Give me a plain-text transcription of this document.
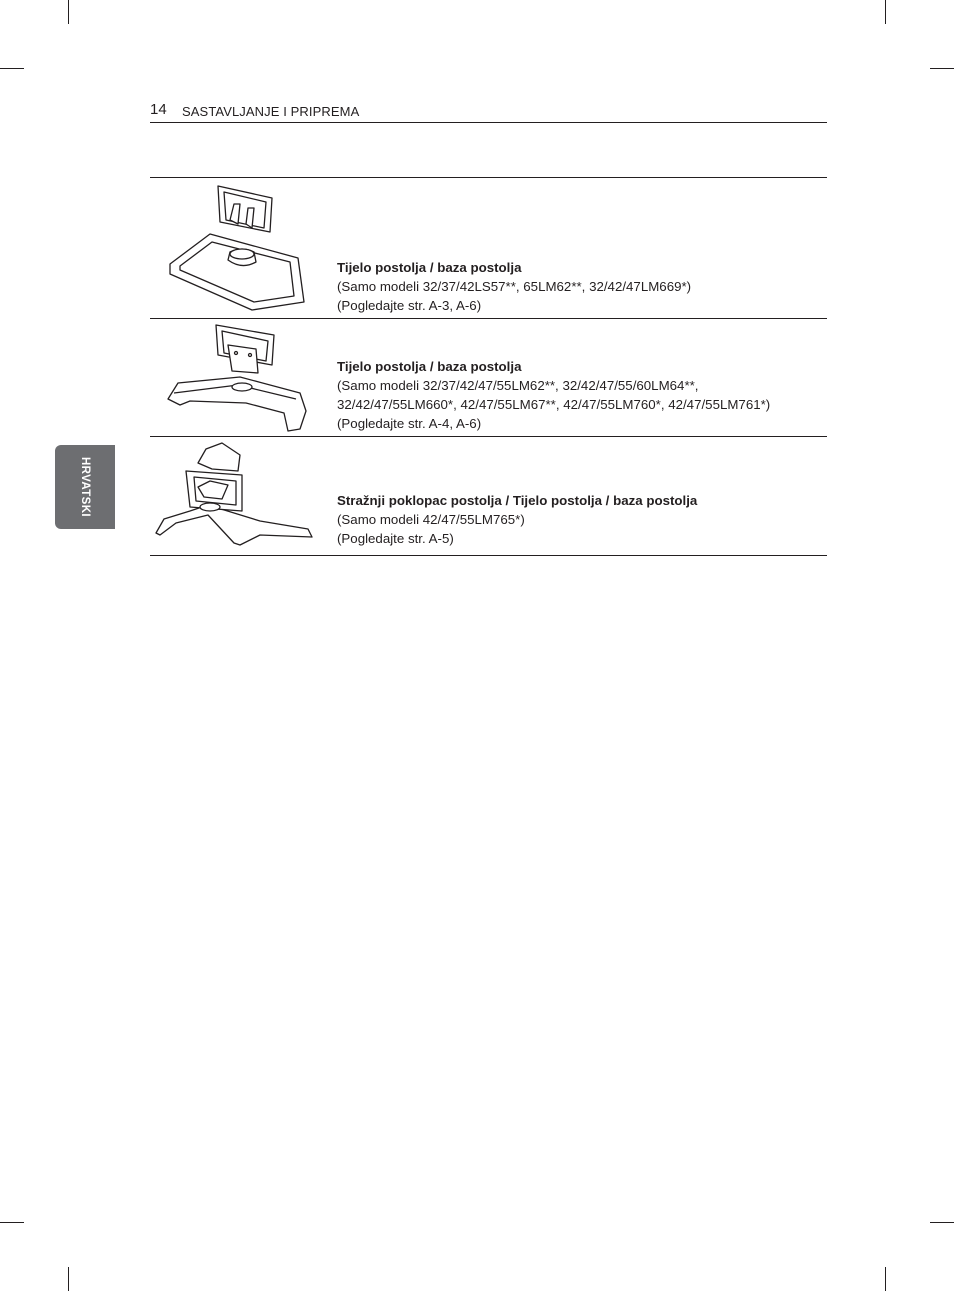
14 SASTAVLJANJE I PRIPREMA
HRVATSKI
Tijelo postolja / baza postolja
(Samo modeli 32/37/42LS57**, 65LM62**, 32/42/47LM669*)
(Pogledajte str. A-3, A-6)
Tijelo postolja / baza postolja
(Samo modeli 32/37/42/47/55LM62**, 32/42/47/55/60LM64**,
32/42/47/55LM660*, 42/47/55LM67**, 42/47/55LM760*, 42/47/55LM761*)
(Pogledajte str. A-4, A-6)
Stražnji poklopac postolja / Tijelo postolja / baza postolja
(Samo modeli 42/47/55LM765*)
(Pogledajte str. A-5)
